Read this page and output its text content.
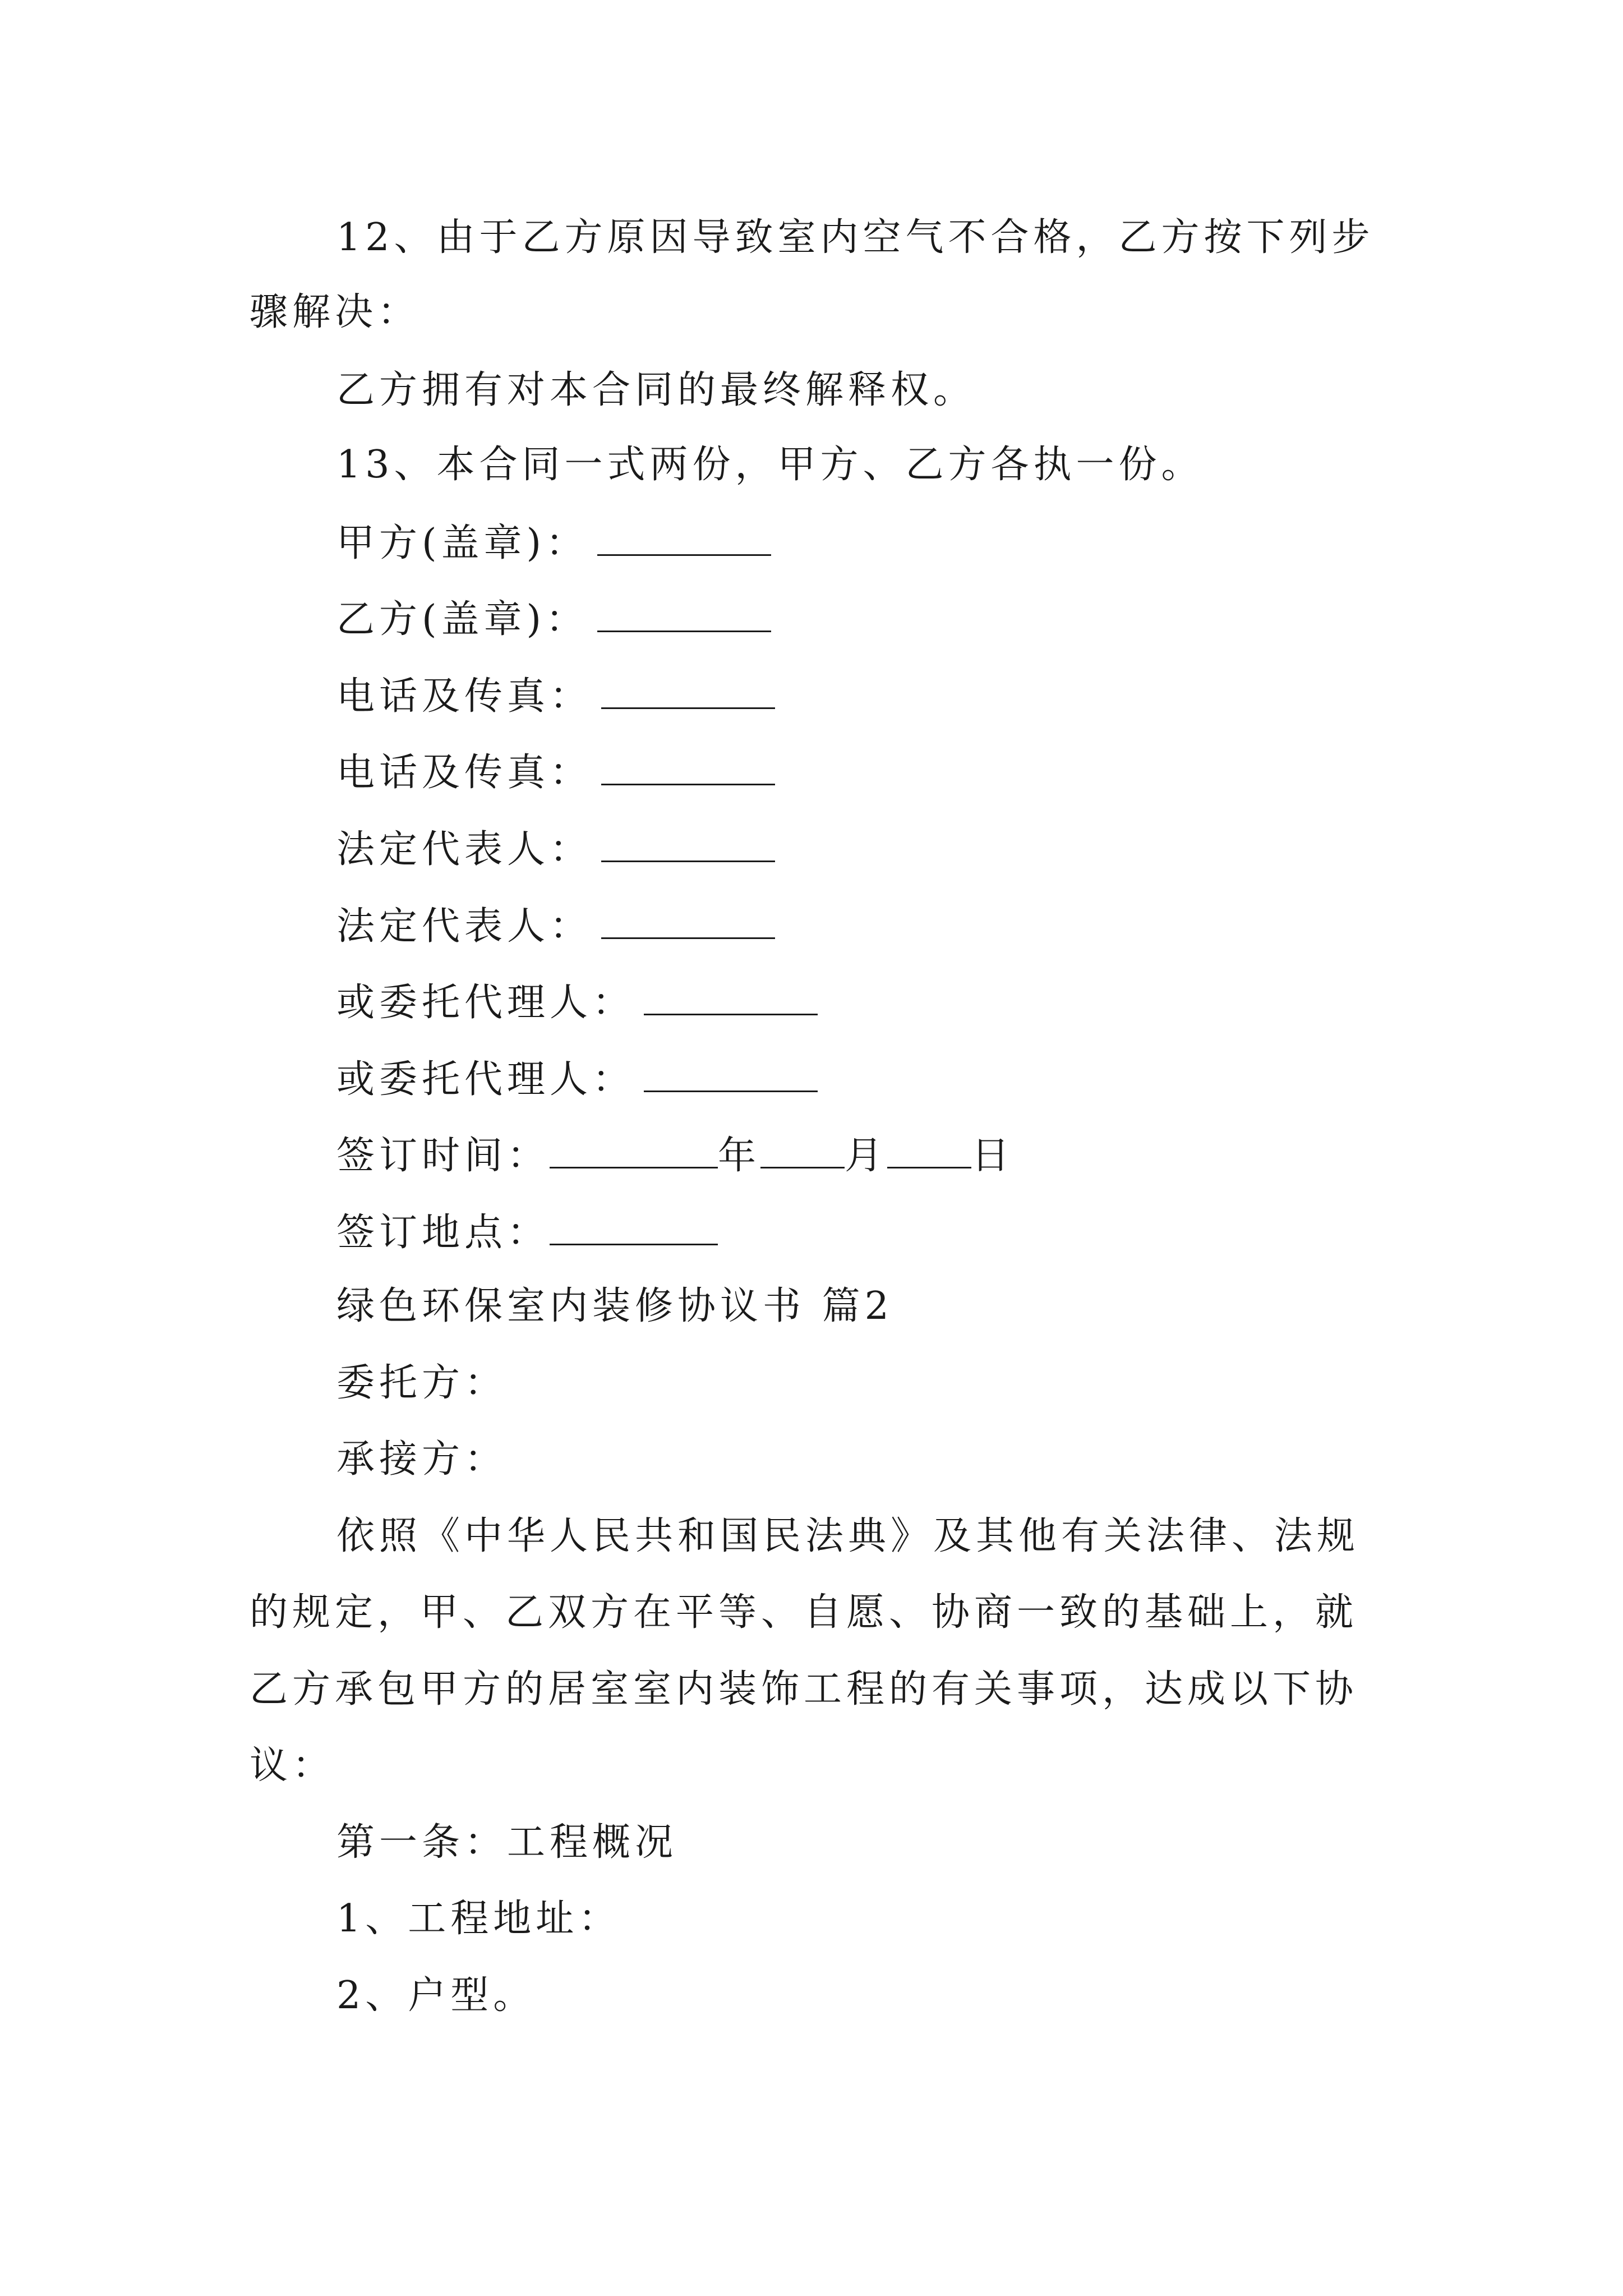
12、由于乙方原因导致室内空气不合格，乙方按下列步
骤解决：
乙方拥有对本合同的最终解释权。
13、本合同一式两份，甲方、乙方各执一份。
甲方(盖章)：
乙方(盖章)：
电话及传真：
电话及传真：
法定代表人：
法定代表人：
或委托代理人：
或委托代理人：
签订时间：	年 月 日
签订地点：
绿色环保室内装修协议书 篇2
委托方：
承接方：
依照《中华人民共和国民法典》及其他有关法律、法规
的规定，甲、乙双方在平等、自愿、协商一致的基础上，就
乙方承包甲方的居室室内装饰工程的有关事项，达成以下协
议：
第一条：工程概况
1、工程地址：
2、户型。
